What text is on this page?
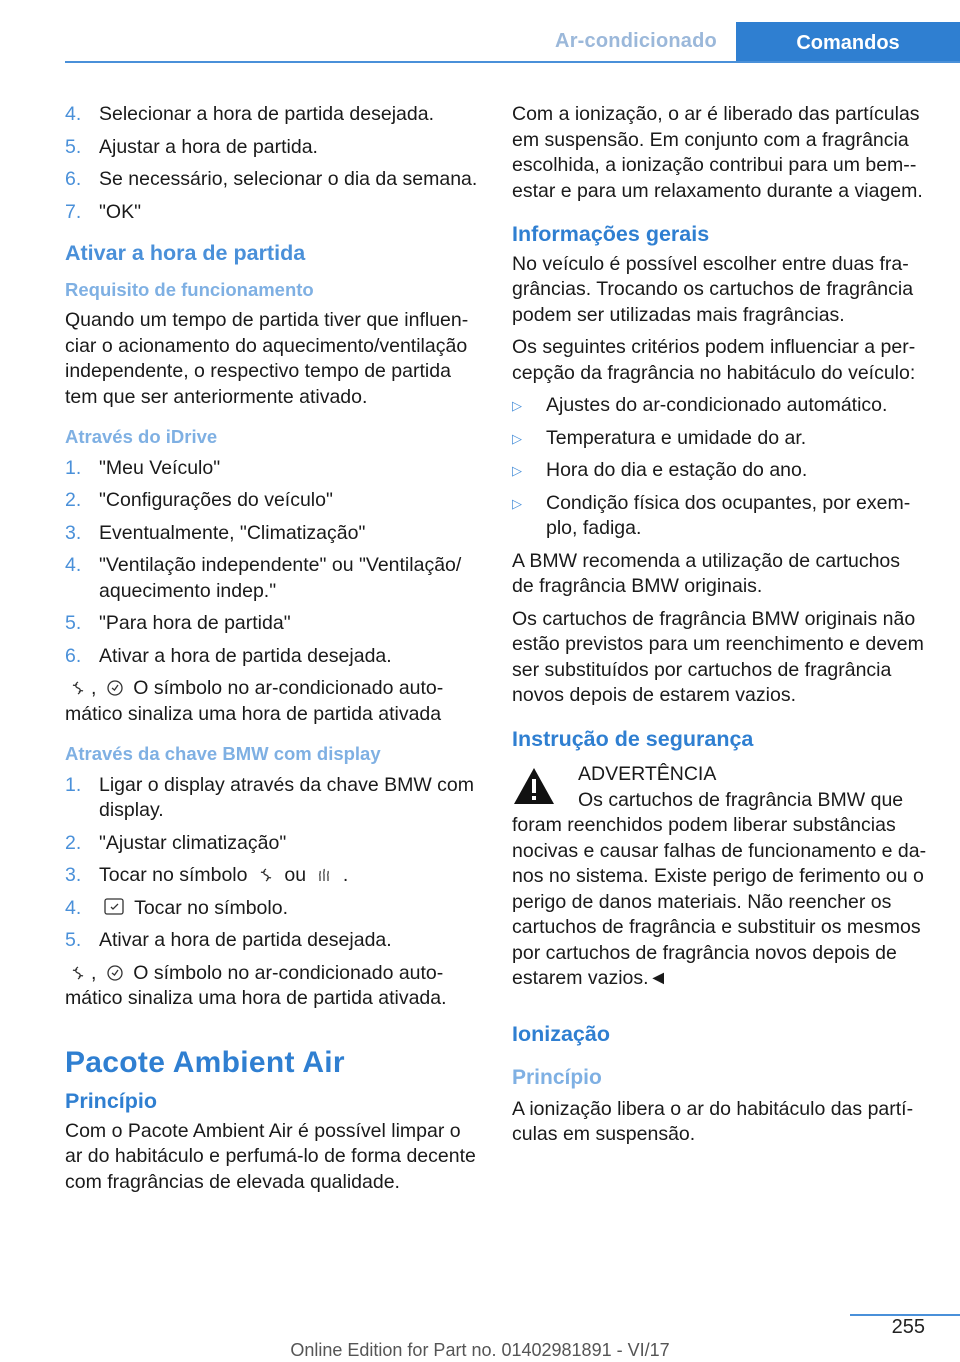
Ar-condicionado	Comandos
4. Selecionar a hora de partida desejada.
5. Ajustar a hora de partida.
6. Se necessário, selecionar o dia da semana.
7. "OK"
Ativar a hora de partida
Requisito de funcionamento

Quando um tempo de partida tiver que influenciar o acionamento do aquecimento/ventilação independente, o respectivo tempo de partida tem que ser anteriormente ativado.

Através do iDrive
1. "Meu Veículo"
2. "Configurações do veículo"
3. Eventualmente, "Climatização"
4. "Ventilação independente" ou "Ventilação/ aquecimento indep."
5. "Para hora de partida"
6. Ativar a hora de partida desejada.

, O símbolo no ar-condicionado automático sinaliza uma hora de partida ativada

Através da chave BMW com display
1. Ligar o display através da chave BMW com display.
2. "Ajustar climatização"
3. Tocar no símbolo ou .
4.	Tocar no símbolo.
5. Ativar a hora de partida desejada.

, O símbolo no ar-condicionado automático sinaliza uma hora de partida ativada.

Pacote Ambient Air
Princípio

Com o Pacote Ambient Air é possível limpar o ar do habitáculo e perfumá-lo de forma decente com fragrâncias de elevada qualidade.

Com a ionização, o ar é liberado das partículas em suspensão. Em conjunto com a fragrância escolhida, a ionização contribui para um bem-estar e para um relaxamento durante a viagem.

Informações gerais

No veículo é possível escolher entre duas fragrâncias. Trocando os cartuchos de fragrância podem ser utilizadas mais fragrâncias.

Os seguintes critérios podem influenciar a percepção da fragrância no habitáculo do veículo:

▷ Ajustes do ar-condicionado automático.
▷ Temperatura e umidade do ar.
▷ Hora do dia e estação do ano.
▷ Condição física dos ocupantes, por exemplo, fadiga.

A BMW recomenda a utilização de cartuchos de fragrância BMW originais.

Os cartuchos de fragrância BMW originais não estão previstos para um reenchimento e devem ser substituídos por cartuchos de fragrância novos depois de estarem vazios.

Instrução de segurança
ADVERTÊNCIA

Os cartuchos de fragrância BMW que foram reenchidos podem liberar substâncias nocivas e causar falhas de funcionamento e danos no sistema. Existe perigo de ferimento ou o perigo de danos materiais. Não reencher os cartuchos de fragrância e substituir os mesmos por cartuchos de fragrância novos depois de estarem vazios.◄

Ionização
Princípio

A ionização libera o ar do habitáculo das partículas em suspensão.

255
Online Edition for Part no. 01402981891 - VI/17
